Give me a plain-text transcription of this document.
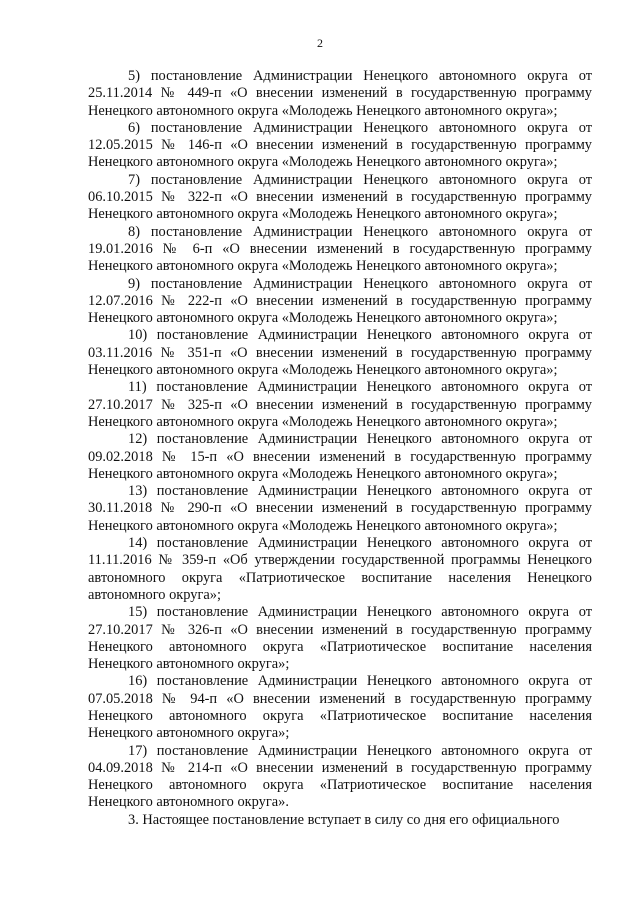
2

5) постановление Администрации Ненецкого автономного округа от 25.11.2014 № 449-п «О внесении изменений в государственную программу Ненецкого автономного округа «Молодежь Ненецкого автономного округа»;

6) постановление Администрации Ненецкого автономного округа от 12.05.2015 № 146-п «О внесении изменений в государственную программу Ненецкого автономного округа «Молодежь Ненецкого автономного округа»;

7) постановление Администрации Ненецкого автономного округа от 06.10.2015 № 322-п «О внесении изменений в государственную программу Ненецкого автономного округа «Молодежь Ненецкого автономного округа»;

8) постановление Администрации Ненецкого автономного округа от 19.01.2016 № 6-п «О внесении изменений в государственную программу Ненецкого автономного округа «Молодежь Ненецкого автономного округа»;

9) постановление Администрации Ненецкого автономного округа от 12.07.2016 № 222-п «О внесении изменений в государственную программу Ненецкого автономного округа «Молодежь Ненецкого автономного округа»;

10) постановление Администрации Ненецкого автономного округа от 03.11.2016 № 351-п «О внесении изменений в государственную программу Ненецкого автономного округа «Молодежь Ненецкого автономного округа»;

11) постановление Администрации Ненецкого автономного округа от 27.10.2017 № 325-п «О внесении изменений в государственную программу Ненецкого автономного округа «Молодежь Ненецкого автономного округа»;

12) постановление Администрации Ненецкого автономного округа от 09.02.2018 № 15-п «О внесении изменений в государственную программу Ненецкого автономного округа «Молодежь Ненецкого автономного округа»;

13) постановление Администрации Ненецкого автономного округа от 30.11.2018 № 290-п «О внесении изменений в государственную программу Ненецкого автономного округа «Молодежь Ненецкого автономного округа»;

14) постановление Администрации Ненецкого автономного округа от 11.11.2016 № 359-п «Об утверждении государственной программы Ненецкого автономного округа «Патриотическое воспитание населения Ненецкого автономного округа»;

15) постановление Администрации Ненецкого автономного округа от 27.10.2017 № 326-п «О внесении изменений в государственную программу Ненецкого автономного округа «Патриотическое воспитание населения Ненецкого автономного округа»;

16) постановление Администрации Ненецкого автономного округа от 07.05.2018 № 94-п «О внесении изменений в государственную программу Ненецкого автономного округа «Патриотическое воспитание населения Ненецкого автономного округа»;

17) постановление Администрации Ненецкого автономного округа от 04.09.2018 № 214-п «О внесении изменений в государственную программу Ненецкого автономного округа «Патриотическое воспитание населения Ненецкого автономного округа».

3. Настоящее постановление вступает в силу со дня его официального
